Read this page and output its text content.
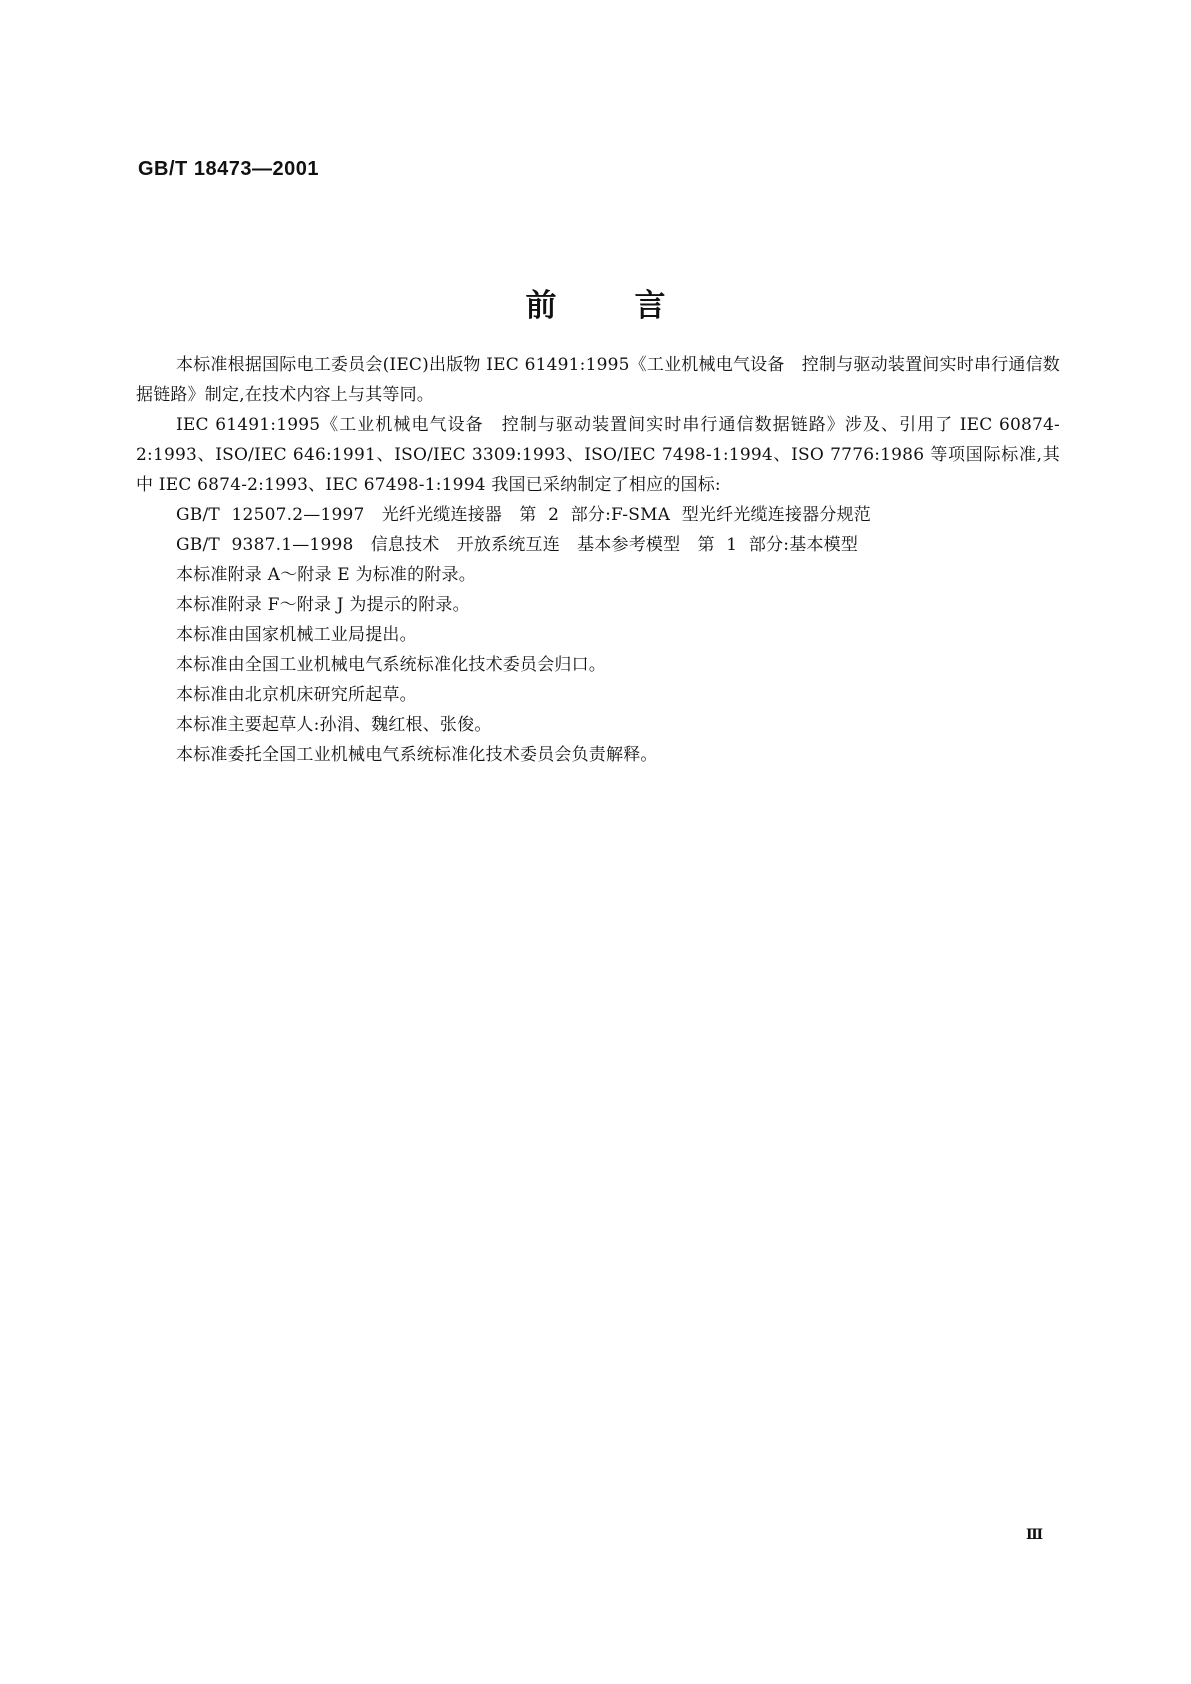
GB/T 18473—2001
前言

本标准根据国际电工委员会(IEC)出版物 IEC 61491:1995《工业机械电气设备　控制与驱动装置间实时串行通信数据链路》制定,在技术内容上与其等同。

IEC 61491:1995《工业机械电气设备　控制与驱动装置间实时串行通信数据链路》涉及、引用了 IEC 60874-2:1993、ISO/IEC 646:1991、ISO/IEC 3309:1993、ISO/IEC 7498-1:1994、ISO 7776:1986 等项国际标准,其中 IEC 6874-2:1993、IEC 67498-1:1994 我国已采纳制定了相应的国标:

GB/T 12507.2—1997　光纤光缆连接器　第 2 部分:F-SMA 型光纤光缆连接器分规范

GB/T 9387.1—1998　信息技术　开放系统互连　基本参考模型　第 1 部分:基本模型

本标准附录 A～附录 E 为标准的附录。

本标准附录 F～附录 J 为提示的附录。

本标准由国家机械工业局提出。

本标准由全国工业机械电气系统标准化技术委员会归口。

本标准由北京机床研究所起草。

本标准主要起草人:孙涓、魏红根、张俊。

本标准委托全国工业机械电气系统标准化技术委员会负责解释。

Ⅲ
